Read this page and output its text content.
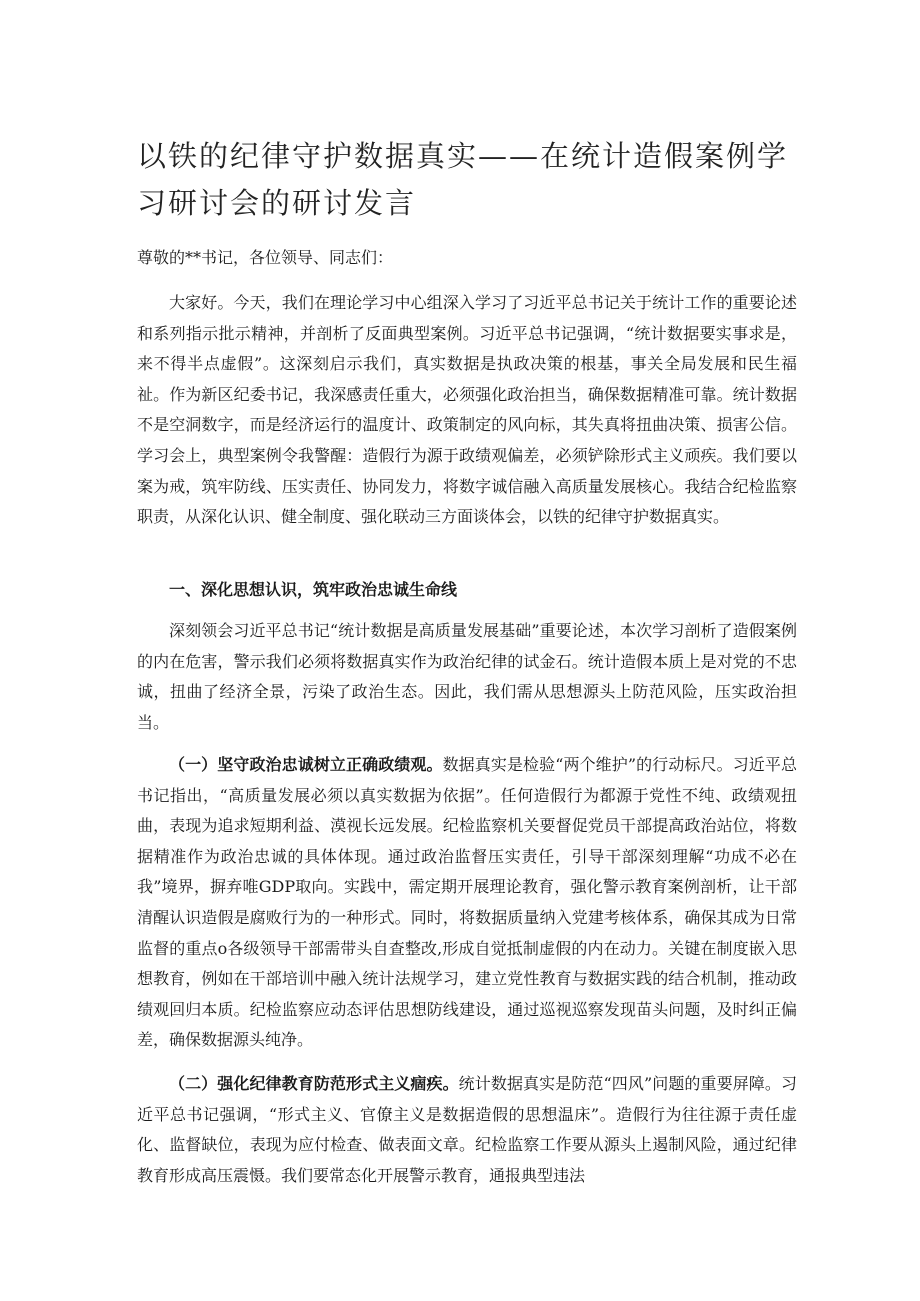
以铁的纪律守护数据真实——在统计造假案例学习研讨会的研讨发言

尊敬的**书记，各位领导、同志们：

大家好。今天，我们在理论学习中心组深入学习了习近平总书记关于统计工作的重要论述和系列指示批示精神，并剖析了反面典型案例。习近平总书记强调，“统计数据要实事求是，来不得半点虚假”。这深刻启示我们，真实数据是执政决策的根基，事关全局发展和民生福祉。作为新区纪委书记，我深感责任重大，必须强化政治担当，确保数据精准可靠。统计数据不是空洞数字，而是经济运行的温度计、政策制定的风向标，其失真将扭曲决策、损害公信。学习会上，典型案例令我警醒：造假行为源于政绩观偏差，必须铲除形式主义顽疾。我们要以案为戒，筑牢防线、压实责任、协同发力，将数字诚信融入高质量发展核心。我结合纪检监察职责，从深化认识、健全制度、强化联动三方面谈体会，以铁的纪律守护数据真实。

一、深化思想认识，筑牢政治忠诚生命线

深刻领会习近平总书记“统计数据是高质量发展基础”重要论述，本次学习剖析了造假案例的内在危害，警示我们必须将数据真实作为政治纪律的试金石。统计造假本质上是对党的不忠诚，扭曲了经济全景，污染了政治生态。因此，我们需从思想源头上防范风险，压实政治担当。

（一）坚守政治忠诚树立正确政绩观。数据真实是检验“两个维护”的行动标尺。习近平总书记指出，“高质量发展必须以真实数据为依据”。任何造假行为都源于党性不纯、政绩观扭曲，表现为追求短期利益、漠视长远发展。纪检监察机关要督促党员干部提高政治站位，将数据精准作为政治忠诚的具体体现。通过政治监督压实责任，引导干部深刻理解“功成不必在我”境界，摒弃唯GDP取向。实践中，需定期开展理论教育，强化警示教育案例剖析，让干部清醒认识造假是腐败行为的一种形式。同时，将数据质量纳入党建考核体系，确保其成为日常监督的重点o各级领导干部需带头自查整改,形成自觉抵制虚假的内在动力。关键在制度嵌入思想教育，例如在干部培训中融入统计法规学习，建立党性教育与数据实践的结合机制，推动政绩观回归本质。纪检监察应动态评估思想防线建设，通过巡视巡察发现苗头问题，及时纠正偏差，确保数据源头纯净。

（二）强化纪律教育防范形式主义痼疾。统计数据真实是防范“四风”问题的重要屏障。习近平总书记强调，“形式主义、官僚主义是数据造假的思想温床”。造假行为往往源于责任虚化、监督缺位，表现为应付检查、做表面文章。纪检监察工作要从源头上遏制风险，通过纪律教育形成高压震慑。我们要常态化开展警示教育，通报典型违法
